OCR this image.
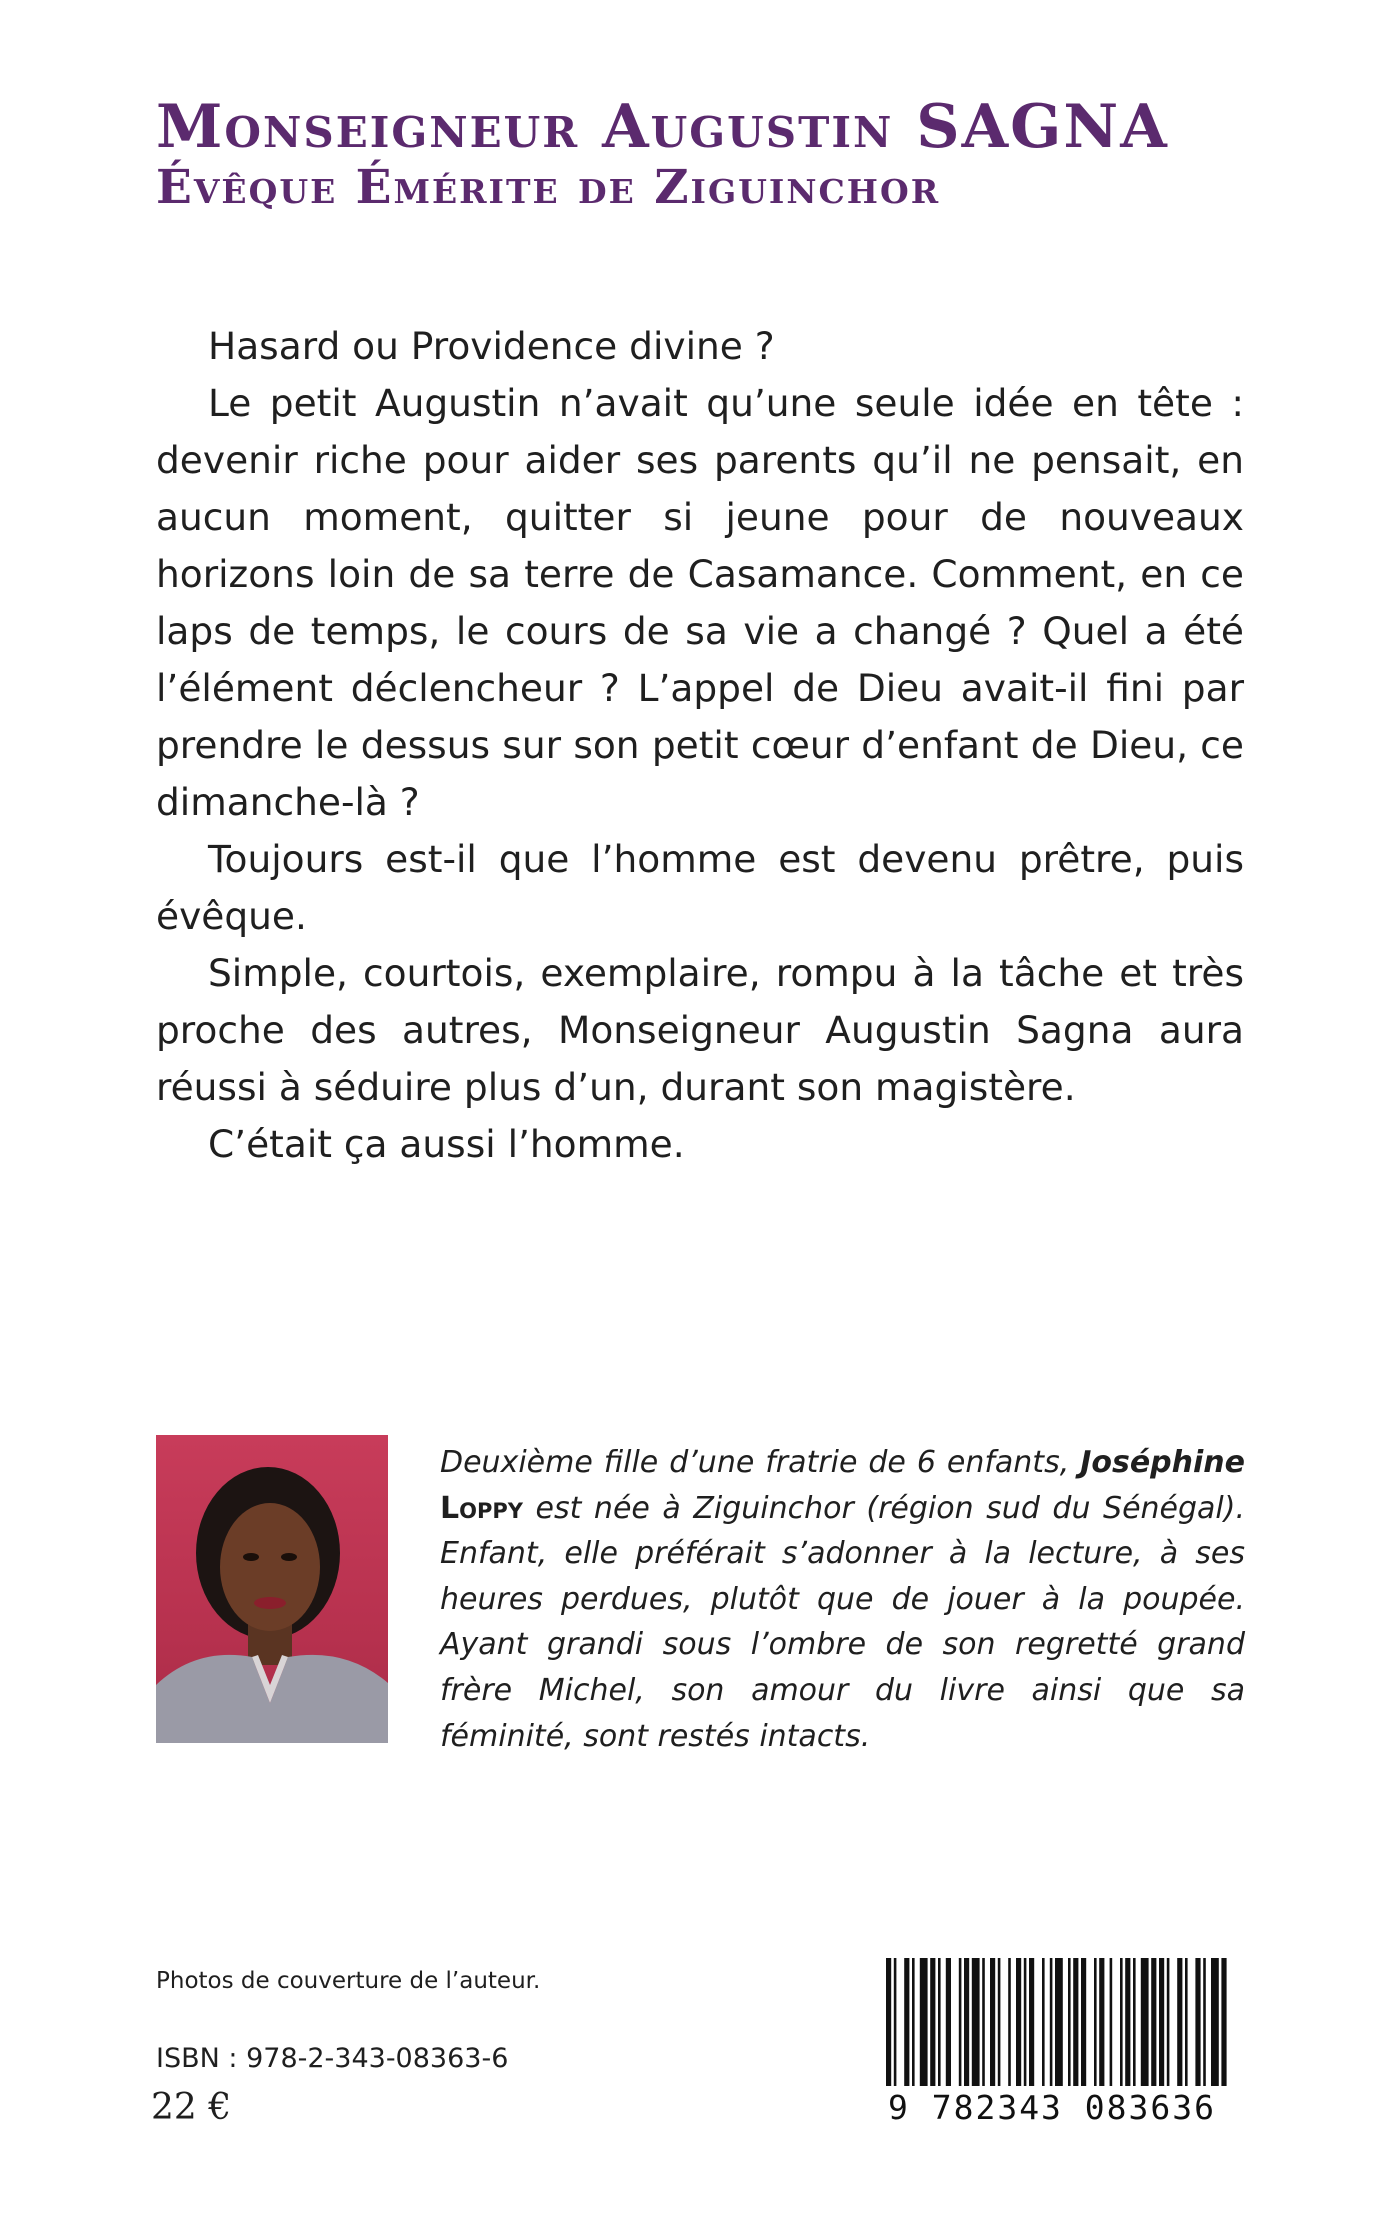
Monseigneur Augustin SAGNA
Évêque Émérite de Ziguinchor

Hasard ou Providence divine ?

Le petit Augustin n’avait qu’une seule idée en tête : devenir riche pour aider ses parents qu’il ne pensait, en aucun moment, quitter si jeune pour de nouveaux horizons loin de sa terre de Casamance. Comment, en ce laps de temps, le cours de sa vie a changé ? Quel a été l’élément déclencheur ? L’appel de Dieu avait-il fini par prendre le dessus sur son petit cœur d’enfant de Dieu, ce dimanche-là ?

Toujours est-il que l’homme est devenu prêtre, puis évêque.

Simple, courtois, exemplaire, rompu à la tâche et très proche des autres, Monseigneur Augustin Sagna aura réussi à séduire plus d’un, durant son magistère.

C’était ça aussi l’homme.

Deuxième fille d’une fratrie de 6 enfants, Joséphine Loppy est née à Ziguinchor (région sud du Sénégal). Enfant, elle préférait s’adonner à la lecture, à ses heures perdues, plutôt que de jouer à la poupée. Ayant grandi sous l’ombre de son regretté grand frère Michel, son amour du livre ainsi que sa féminité, sont restés intacts.

Photos de couverture de l’auteur.
ISBN : 978-2-343-08363-6
22 €	9 782343 083636
